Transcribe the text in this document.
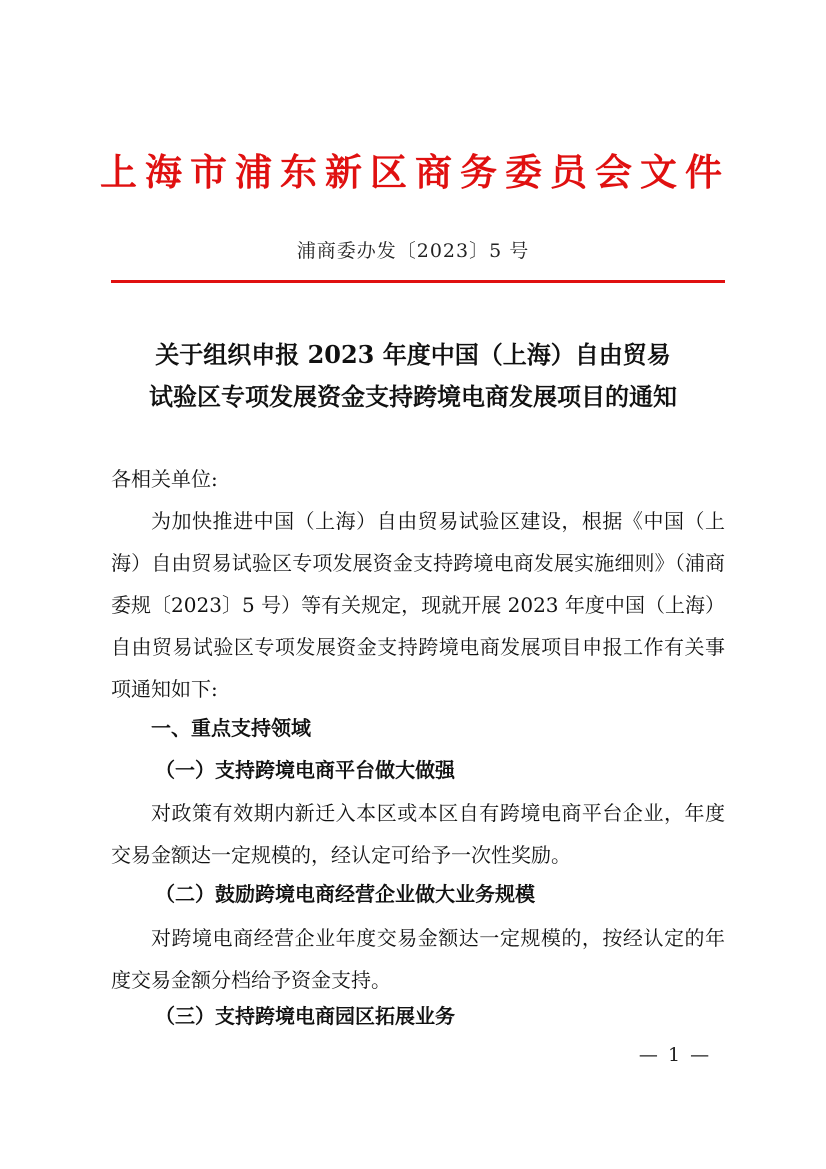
上海市浦东新区商务委员会文件
浦商委办发〔2023〕5 号
关于组织申报 2023 年度中国（上海）自由贸易
试验区专项发展资金支持跨境电商发展项目的通知
各相关单位:

为加快推进中国（上海）自由贸易试验区建设，根据《中国（上海）自由贸易试验区专项发展资金支持跨境电商发展实施细则》（浦商委规〔2023〕5 号）等有关规定，现就开展 2023 年度中国（上海）自由贸易试验区专项发展资金支持跨境电商发展项目申报工作有关事项通知如下:

一、重点支持领域
（一）支持跨境电商平台做大做强

对政策有效期内新迁入本区或本区自有跨境电商平台企业，年度交易金额达一定规模的，经认定可给予一次性奖励。

（二）鼓励跨境电商经营企业做大业务规模

对跨境电商经营企业年度交易金额达一定规模的，按经认定的年度交易金额分档给予资金支持。

（三）支持跨境电商园区拓展业务
— 1 —
